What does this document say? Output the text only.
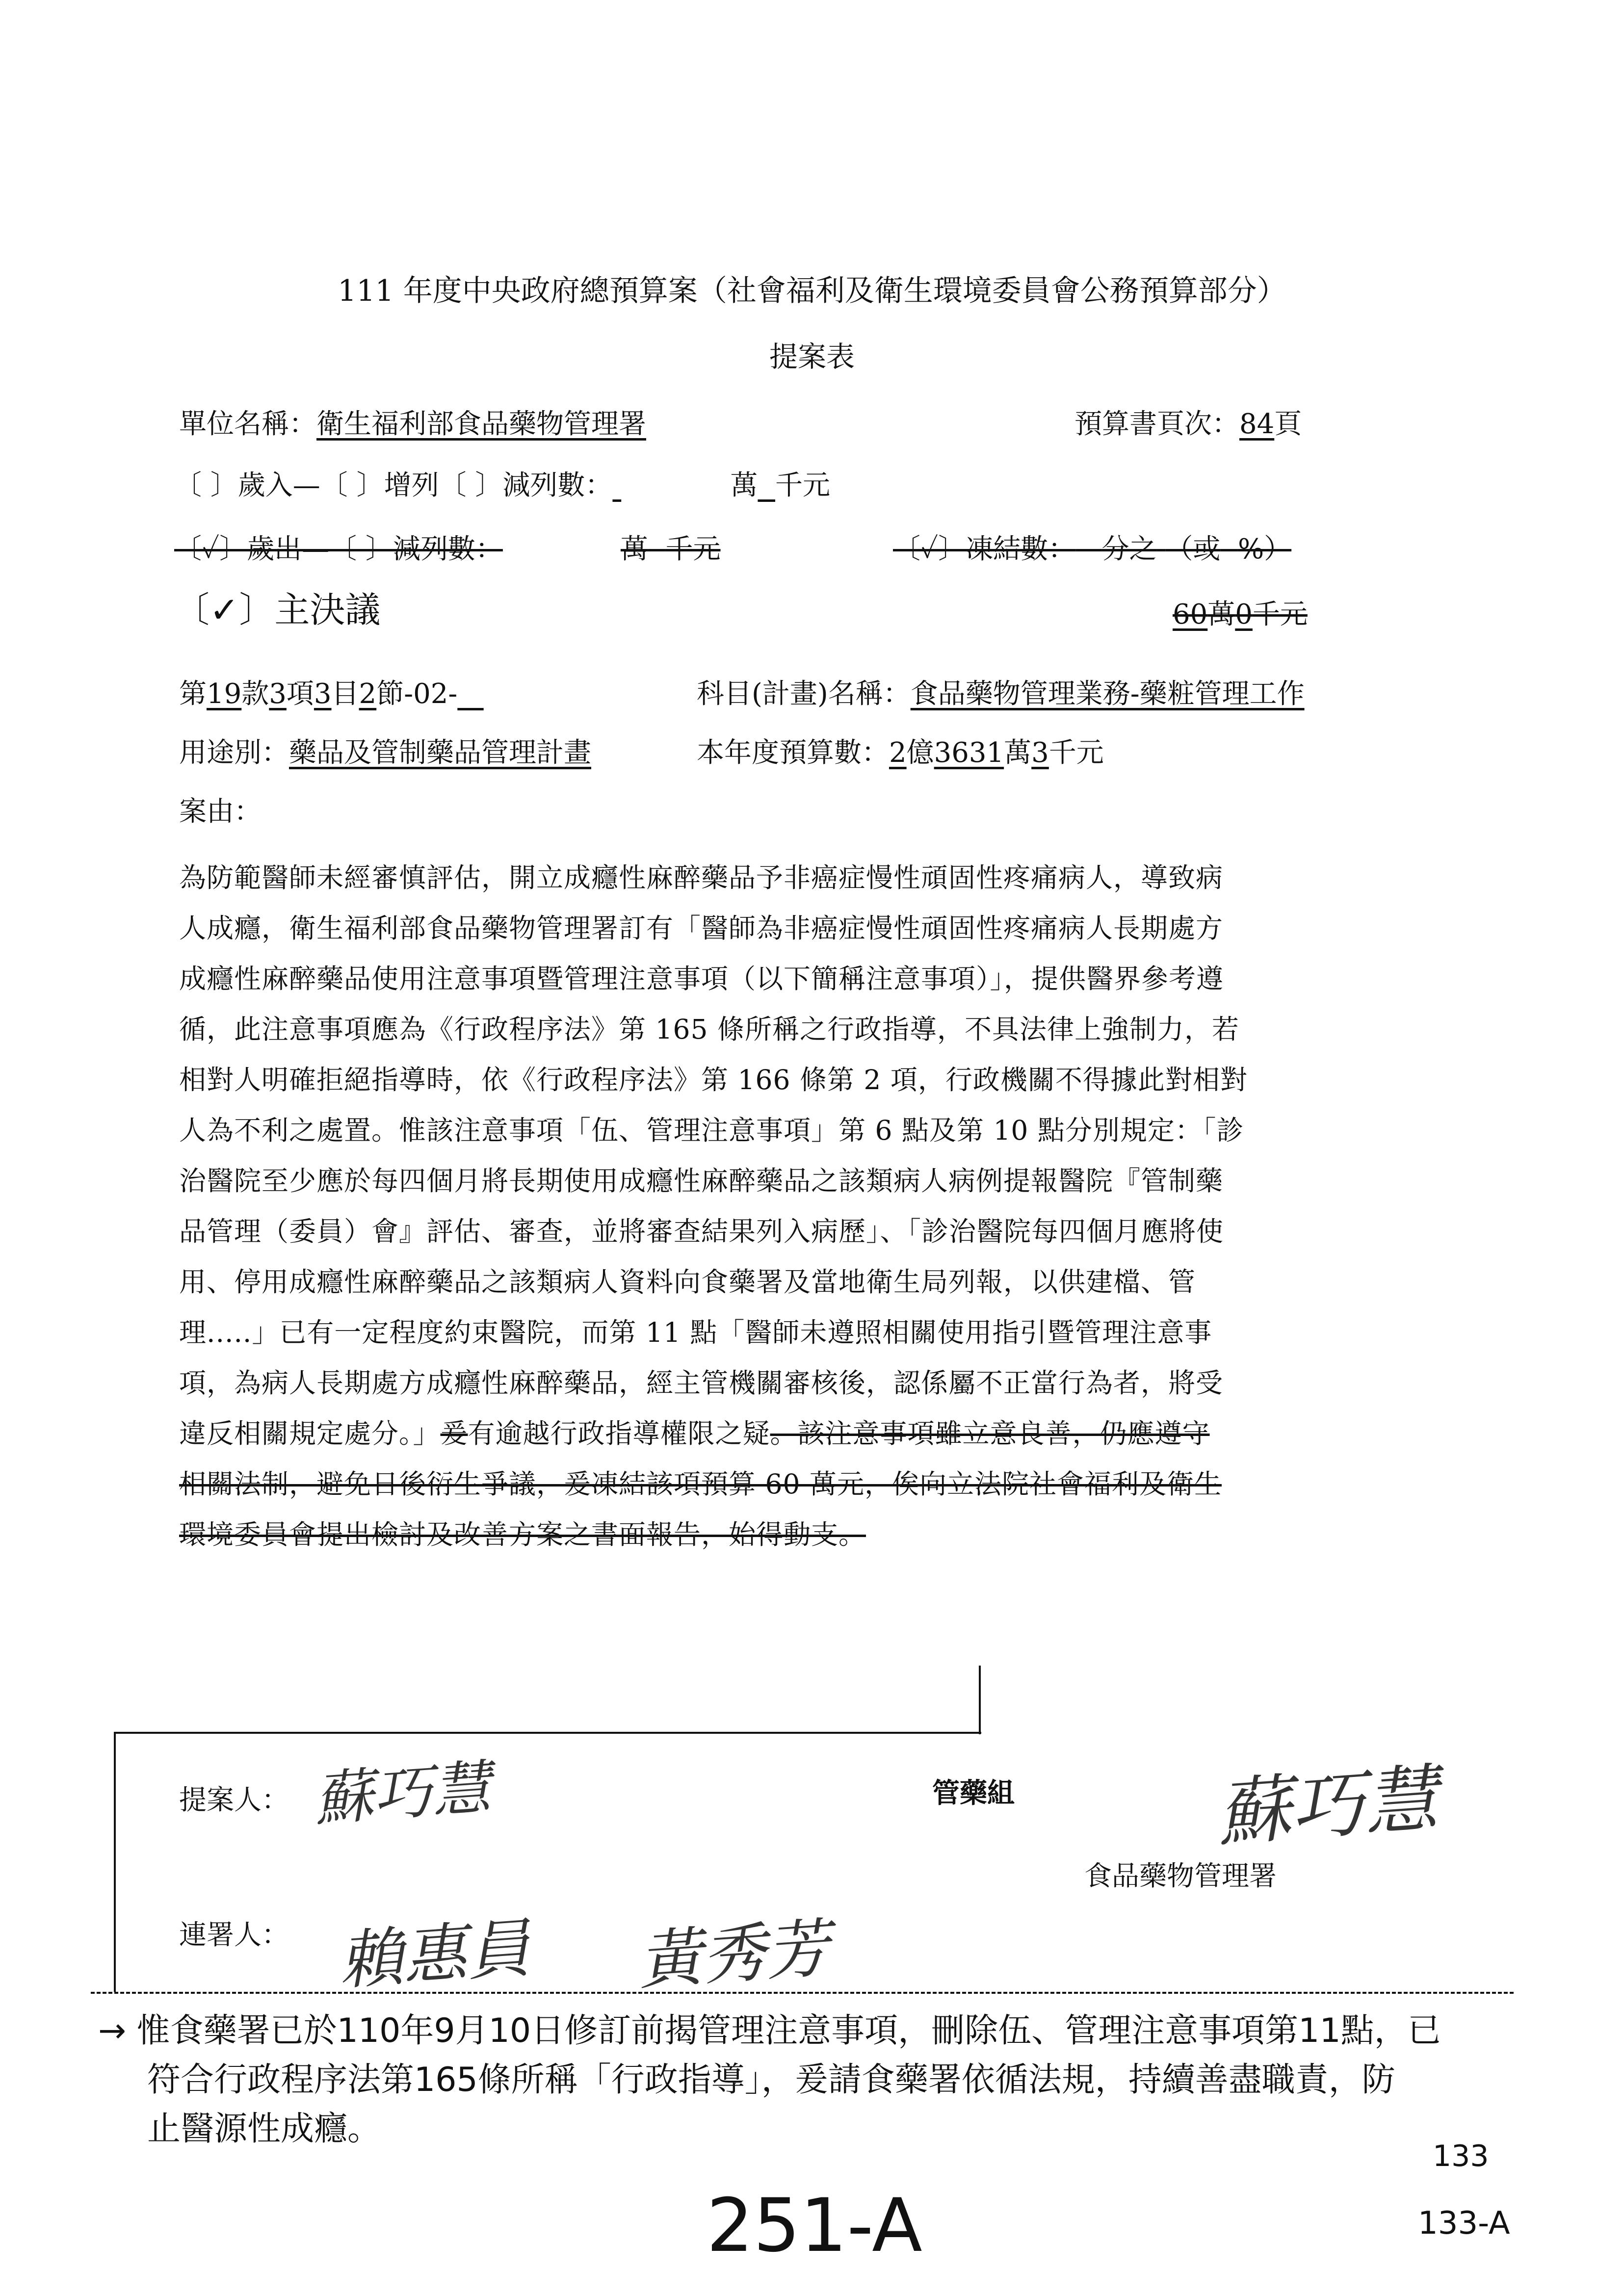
111 年度中央政府總預算案（社會福利及衛生環境委員會公務預算部分）
提案表
單位名稱：衛生福利部食品藥物管理署	預算書頁次：84頁
〔 〕歲入—〔 〕增列〔 〕減列數：	萬 千元
〔✓〕歲出—〔 〕減列數：	萬 千元	〔✓〕凍結數： 分之 （或 %）
〔✓〕主決議	60萬0千元
第19款3項3目2節-02-	科目(計畫)名稱：食品藥物管理業務-藥粧管理工作
用途別：藥品及管制藥品管理計畫	本年度預算數：2億3631萬3千元
案由：
為防範醫師未經審慎評估，開立成癮性麻醉藥品予非癌症慢性頑固性疼痛病人，導致病
人成癮，衛生福利部食品藥物管理署訂有「醫師為非癌症慢性頑固性疼痛病人長期處方
成癮性麻醉藥品使用注意事項暨管理注意事項（以下簡稱注意事項）」，提供醫界參考遵
循，此注意事項應為《行政程序法》第 165 條所稱之行政指導，不具法律上強制力，若
相對人明確拒絕指導時，依《行政程序法》第 166 條第 2 項，行政機關不得據此對相對
人為不利之處置。惟該注意事項「伍、管理注意事項」第 6 點及第 10 點分別規定：「診
治醫院至少應於每四個月將長期使用成癮性麻醉藥品之該類病人病例提報醫院『管制藥
品管理（委員）會』評估、審查，並將審查結果列入病歷」、「診治醫院每四個月應將使
用、停用成癮性麻醉藥品之該類病人資料向食藥署及當地衛生局列報，以供建檔、管
理.....」已有一定程度約束醫院，而第 11 點「醫師未遵照相關使用指引暨管理注意事
項，為病人長期處方成癮性麻醉藥品，經主管機關審核後，認係屬不正當行為者，將受
違反相關規定處分。」爰有逾越行政指導權限之疑。該注意事項雖立意良善，仍應遵守
相關法制，避免日後衍生爭議，爰凍結該項預算 60 萬元，俟向立法院社會福利及衛生
環境委員會提出檢討及改善方案之書面報告，始得動支。
提案人： 蘇巧慧	管藥組	蘇巧慧
食品藥物管理署
連署人： 賴惠員 黃秀芳
→ 惟食藥署已於110年9月10日修訂前揭管理注意事項，刪除伍、管理注意事項第11點，已
符合行政程序法第165條所稱「行政指導」，爰請食藥署依循法規，持續善盡職責，防
止醫源性成癮。
133
133-A
251-A
